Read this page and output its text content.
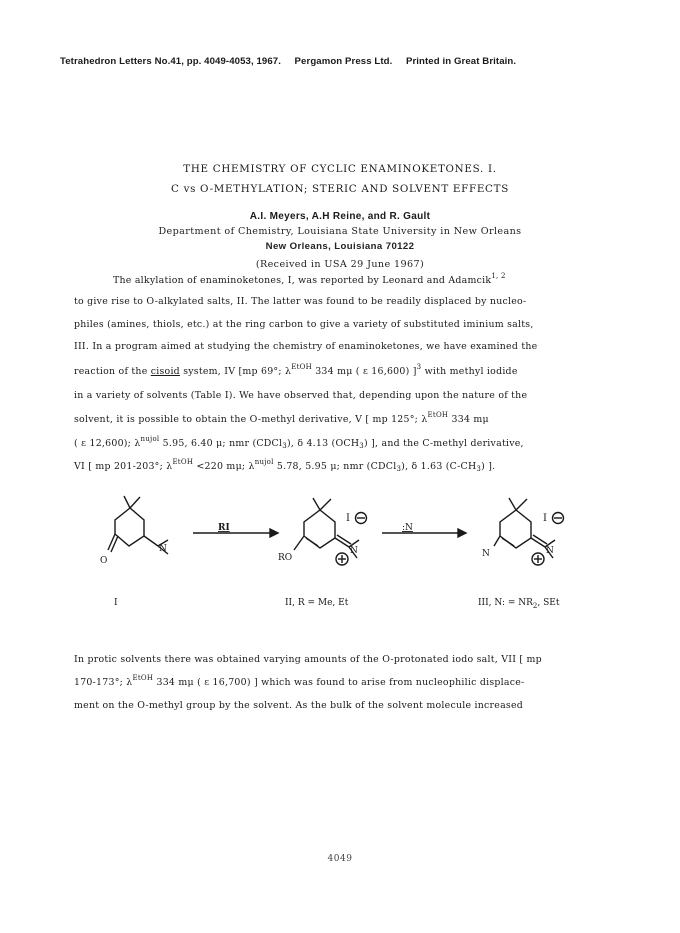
Tetrahedron Letters No.41, pp. 4049-4053, 1967. Pergamon Press Ltd. Printed in Great Britain.
THE CHEMISTRY OF CYCLIC ENAMINOKETONES. I.
C vs O-METHYLATION; STERIC AND SOLVENT EFFECTS
A.I. Meyers, A.H Reine, and R. Gault
Department of Chemistry, Louisiana State University in New Orleans
New Orleans, Louisiana 70122
(Received in USA 29 June 1967)
The alkylation of enaminoketones, I, was reported by Leonard and Adamcik$^{1, 2}$
to give rise to O-alkylated salts, II. The latter was found to be readily displaced by nucleo-
philes (amines, thiols, etc.) at the ring carbon to give a variety of substituted iminium salts,
III. In a program aimed at studying the chemistry of enaminoketones, we have examined the
reaction of the cisoid system, IV [mp 69°; $\lambda^{EtOH}$ 334 mμ ( ε 16,600) ]$^3$ with methyl iodide
in a variety of solvents (Table I). We have observed that, depending upon the nature of the
solvent, it is possible to obtain the O-methyl derivative, V [ mp 125°; $\lambda^{EtOH}$ 334 mμ
( ε 12,600); $\lambda^{nujol}$ 5.95, 6.40 μ; nmr (CDCl$_3$), δ 4.13 $(OCH_3)$ ], and the C-methyl derivative,
VI [ mp 201-203°; $\lambda^{EtOH} <220$ mμ; $\lambda^{nujol}$ 5.78, 5.95 μ; nmr (CDCl$_3$), δ 1.63 $(C-CH_3)$ ].
O
N
RI
RO
N
I
:N
N	N
I
I	II, R = Me, Et	III, N: = $NR_2$, SEt
In protic solvents there was obtained varying amounts of the O-protonated iodo salt, VII [ mp
170-173°; $\lambda^{EtOH}$ 334 mμ ( ε 16,700) ] which was found to arise from nucleophilic displace-
ment on the O-methyl group by the solvent. As the bulk of the solvent molecule increased
4049
